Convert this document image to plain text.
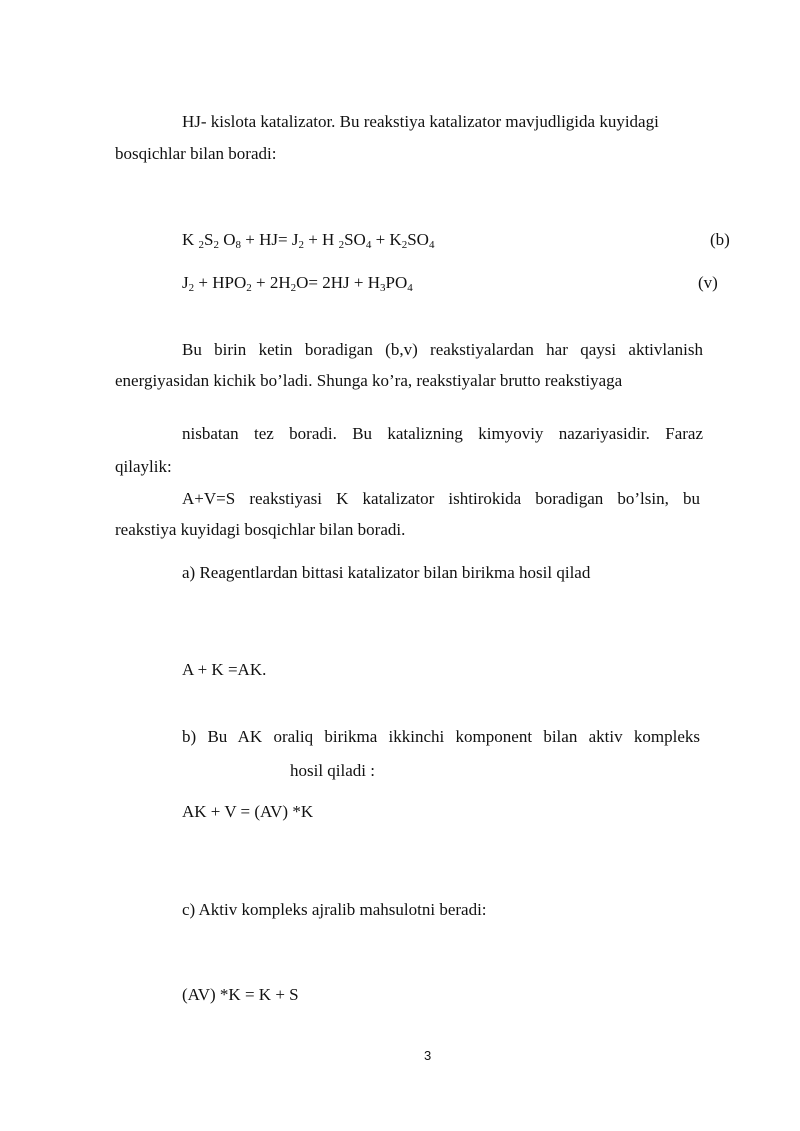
HJ- kislota katalizator. Bu reakstiya katalizator mavjudligida kuyidagi
bosqichlar bilan boradi:
K $_2S_2$ $O_8 + HJ= J_2 + H$ $_2SO_4 + K_2SO_4$	(b)
$J_2 + HPO_2 + 2H_2O= 2HJ + H_3PO_4$	(v)
Bu birin ketin boradigan (b,v) reakstiyalardan har qaysi aktivlanish
energiyasidan kichik bo’ladi. Shunga ko’ra, reakstiyalar brutto reakstiyaga
nisbatan tez boradi. Bu katalizning kimyoviy nazariyasidir. Faraz
qilaylik:
A+V=S reakstiyasi K katalizator ishtirokida boradigan bo’lsin, bu
reakstiya kuyidagi bosqichlar bilan boradi.
a) Reagentlardan bittasi katalizator bilan birikma hosil qilad
A + K =AK.
b) Bu AK oraliq birikma ikkinchi komponent bilan aktiv kompleks
hosil qiladi :
AK + V = (AV) *K
c) Aktiv kompleks ajralib mahsulotni beradi:
(AV) *K = K + S
3
